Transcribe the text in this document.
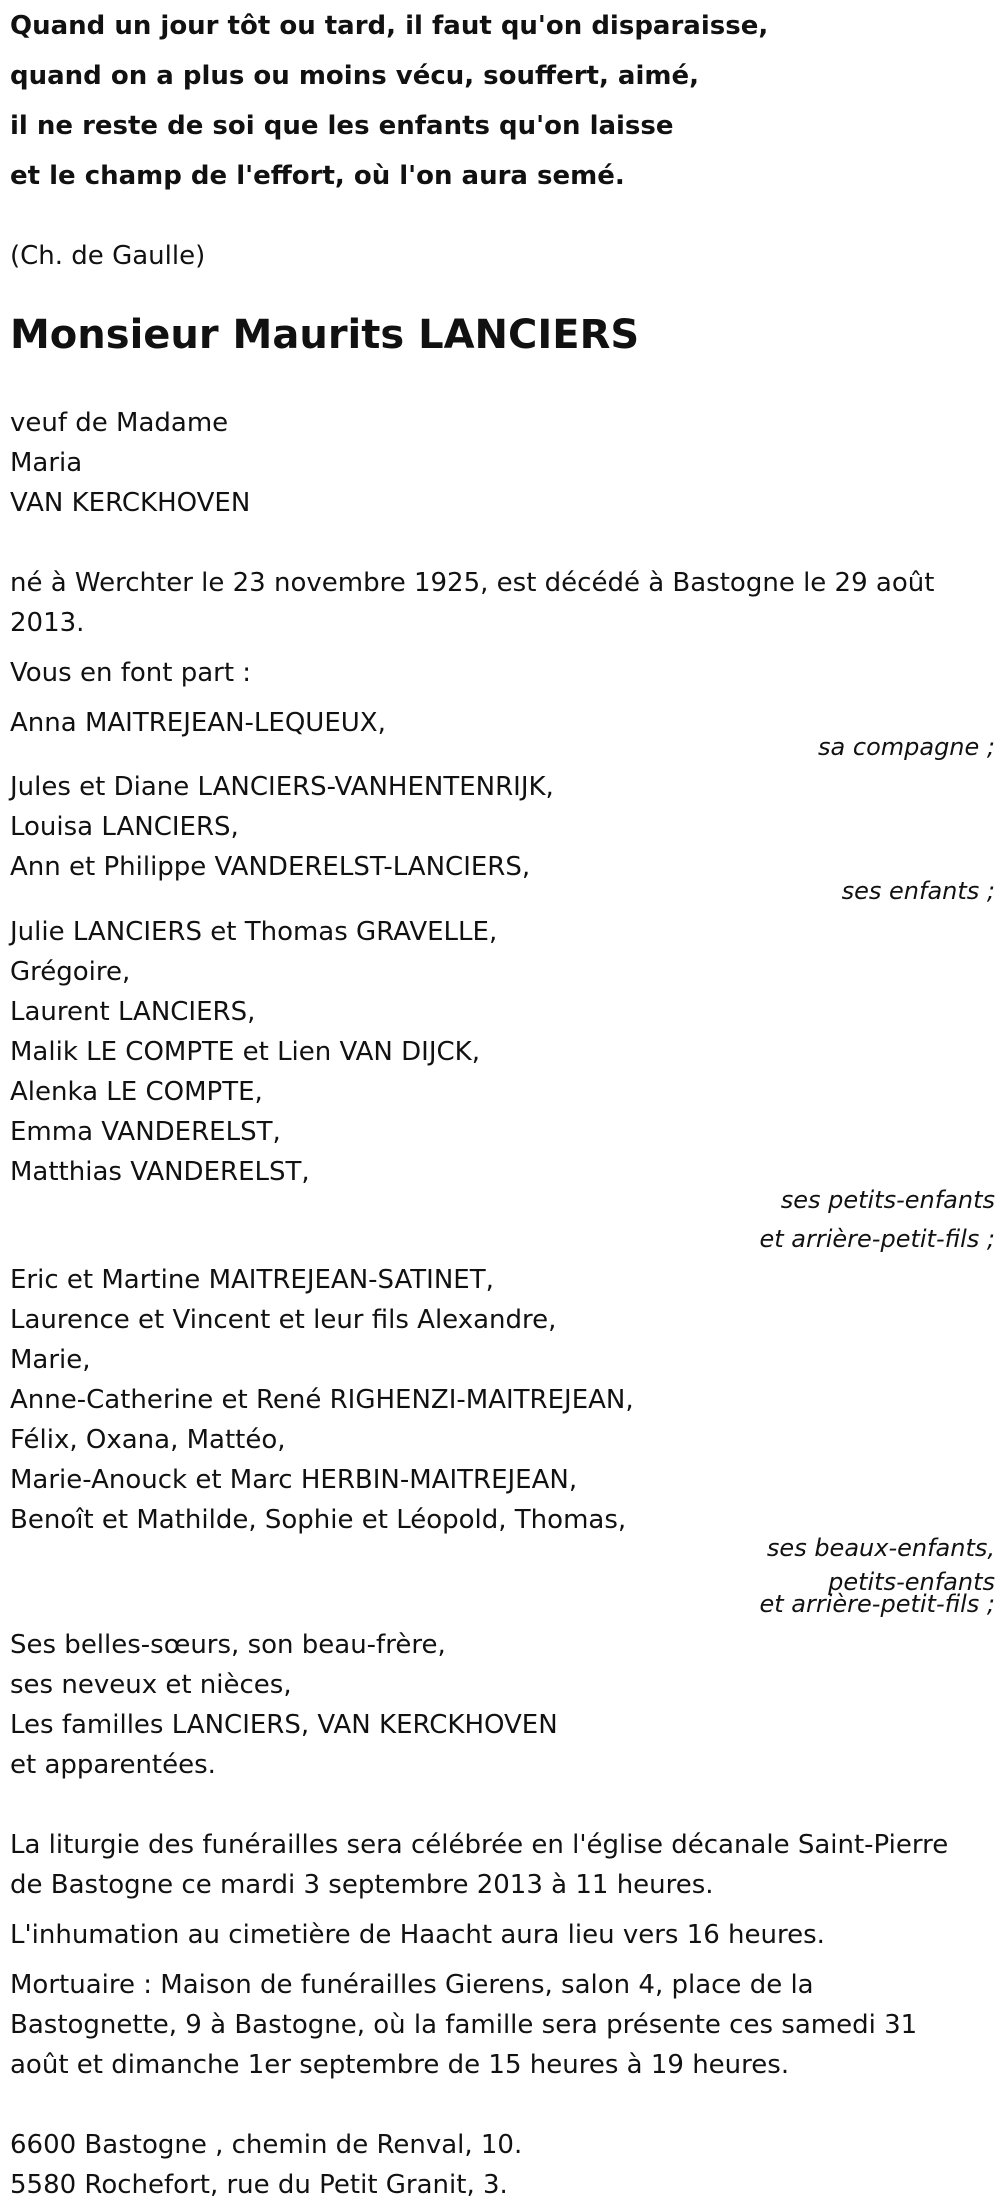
Quand un jour tôt ou tard, il faut qu'on disparaisse,
quand on a plus ou moins vécu, souffert, aimé,
il ne reste de soi que les enfants qu'on laisse
et le champ de l'effort, où l'on aura semé.
(Ch. de Gaulle)
Monsieur Maurits LANCIERS
veuf de Madame
Maria
VAN KERCKHOVEN
né à Werchter le 23 novembre 1925, est décédé à Bastogne le 29 août
2013.
Vous en font part :
Anna MAITREJEAN-LEQUEUX,
sa compagne ;
Jules et Diane LANCIERS-VANHENTENRIJK,
Louisa LANCIERS,
Ann et Philippe VANDERELST-LANCIERS,
ses enfants ;
Julie LANCIERS et Thomas GRAVELLE,
Grégoire,
Laurent LANCIERS,
Malik LE COMPTE et Lien VAN DIJCK,
Alenka LE COMPTE,
Emma VANDERELST,
Matthias VANDERELST,
ses petits-enfants
et arrière-petit-fils ;
Eric et Martine MAITREJEAN-SATINET,
Laurence et Vincent et leur fils Alexandre,
Marie,
Anne-Catherine et René RIGHENZI-MAITREJEAN,
Félix, Oxana, Mattéo,
Marie-Anouck et Marc HERBIN-MAITREJEAN,
Benoît et Mathilde, Sophie et Léopold, Thomas,
ses beaux-enfants,
petits-enfants
et arrière-petit-fils ;
Ses belles-sœurs, son beau-frère,
ses neveux et nièces,
Les familles LANCIERS, VAN KERCKHOVEN
et apparentées.
La liturgie des funérailles sera célébrée en l'église décanale Saint-Pierre
de Bastogne ce mardi 3 septembre 2013 à 11 heures.
L'inhumation au cimetière de Haacht aura lieu vers 16 heures.
Mortuaire : Maison de funérailles Gierens, salon 4, place de la
Bastognette, 9 à Bastogne, où la famille sera présente ces samedi 31
août et dimanche 1er septembre de 15 heures à 19 heures.
6600 Bastogne , chemin de Renval, 10.
5580 Rochefort, rue du Petit Granit, 3.
